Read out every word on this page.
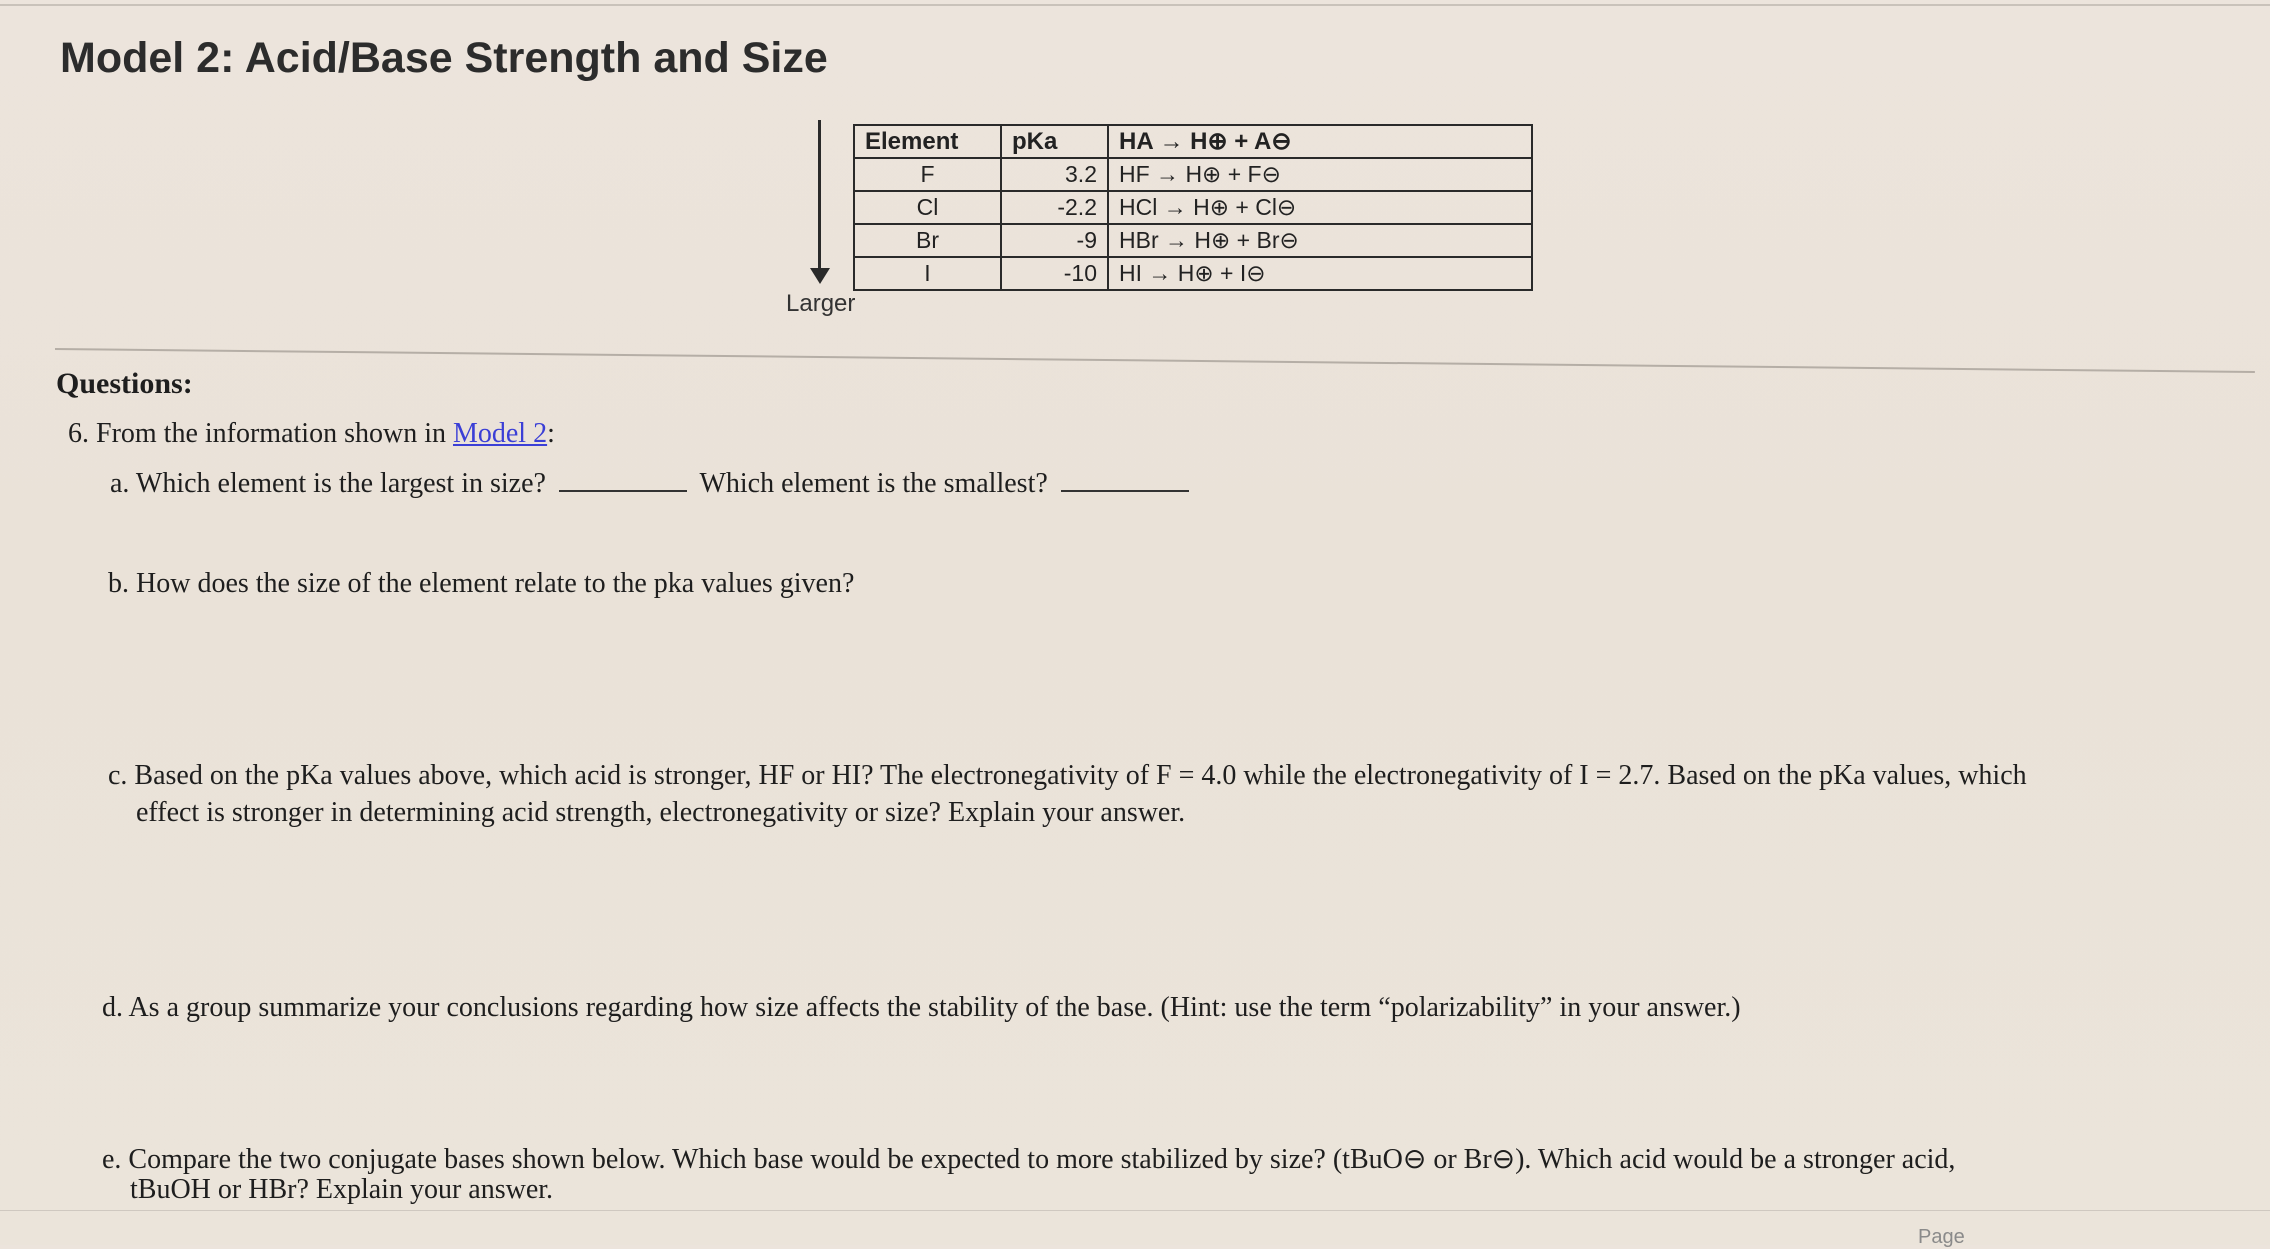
Model 2: Acid/Base Strength and Size
Larger
Element	pKa	HA → H⊕ + A⊖
F	3.2	HF → H⊕ + F⊖
Cl	-2.2	HCl → H⊕ + Cl⊖
Br	-9	HBr → H⊕ + Br⊖
I	-10	HI → H⊕ + I⊖
Questions:
6. From the information shown in Model 2:
a. Which element is the largest in size?	Which element is the smallest?
b. How does the size of the element relate to the pka values given?
c. Based on the pKa values above, which acid is stronger, HF or HI? The electronegativity of F = 4.0 while the electronegativity of I = 2.7. Based on the pKa values, which
effect is stronger in determining acid strength, electronegativity or size? Explain your answer.
d. As a group summarize your conclusions regarding how size affects the stability of the base. (Hint: use the term “polarizability” in your answer.)
e. Compare the two conjugate bases shown below. Which base would be expected to more stabilized by size? (tBuO⊖ or Br⊖). Which acid would be a stronger acid,
tBuOH or HBr? Explain your answer.
Page
